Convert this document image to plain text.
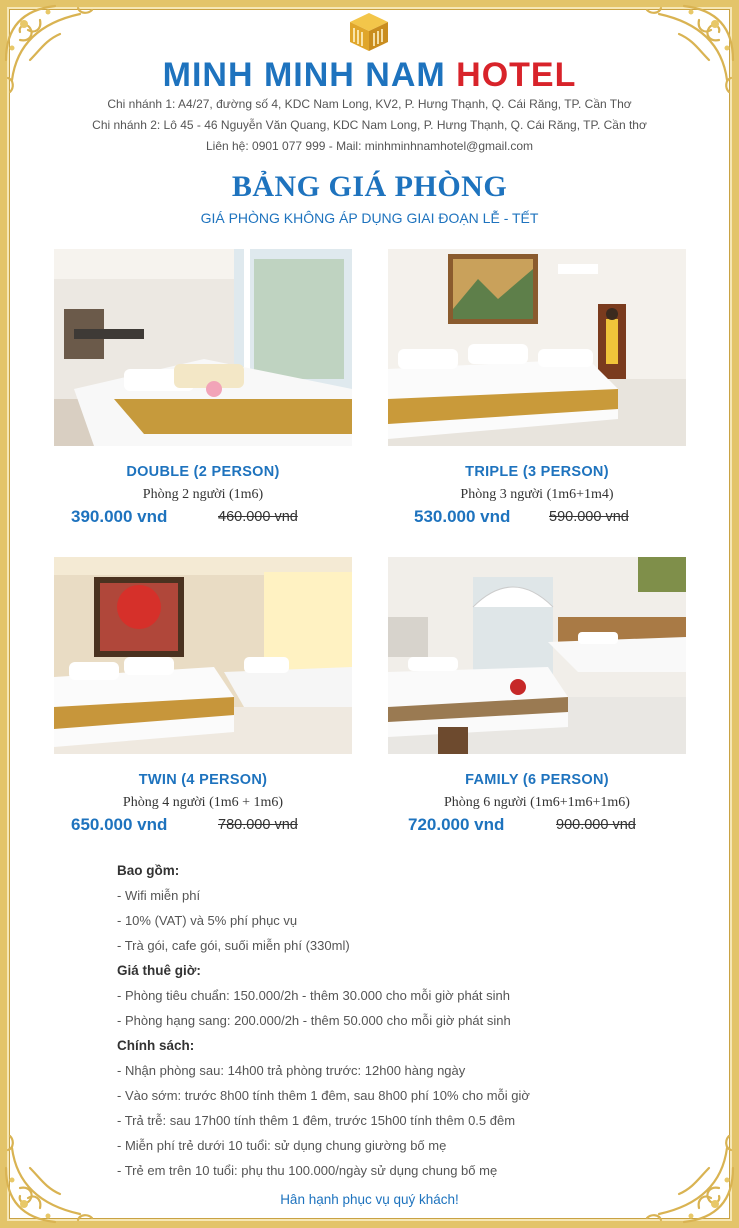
MINH MINH NAM HOTEL
Chi nhánh 1: A4/27, đường số 4, KDC Nam Long, KV2, P. Hưng Thạnh, Q. Cái Răng, TP. Cần Thơ
Chi nhánh 2: Lô 45 - 46 Nguyễn Văn Quang, KDC Nam Long, P. Hưng Thạnh, Q. Cái Răng, TP. Cần thơ
Liên hệ: 0901 077 999 - Mail: minhminhnamhotel@gmail.com
BẢNG GIÁ PHÒNG
GIÁ PHÒNG KHÔNG ÁP DỤNG GIAI ĐOẠN LỄ - TẾT
DOUBLE (2 PERSON)
Phòng 2 người (1m6)
390.000 vnd	460.000 vnd
TRIPLE (3 PERSON)
Phòng 3 người (1m6+1m4)
530.000 vnd	590.000 vnd
TWIN (4 PERSON)
Phòng 4 người (1m6 + 1m6)
650.000 vnd	780.000 vnd
FAMILY (6 PERSON)
Phòng 6 người (1m6+1m6+1m6)
720.000 vnd	900.000 vnd
Bao gồm:
- Wifi miễn phí
- 10% (VAT) và 5% phí phục vụ
- Trà gói, cafe gói, suối miễn phí (330ml)
Giá thuê giờ:
- Phòng tiêu chuẩn: 150.000/2h - thêm 30.000 cho mỗi giờ phát sinh
- Phòng hạng sang: 200.000/2h - thêm 50.000 cho mỗi giờ phát sinh
Chính sách:
- Nhận phòng sau: 14h00 trả phòng trước: 12h00 hàng ngày
- Vào sớm: trước 8h00 tính thêm 1 đêm, sau 8h00 phí 10% cho mỗi giờ
- Trả trễ: sau 17h00 tính thêm 1 đêm, trước 15h00 tính thêm 0.5 đêm
- Miễn phí trẻ dưới 10 tuổi: sử dụng chung giường bố mẹ
- Trẻ em trên 10 tuổi: phụ thu 100.000/ngày sử dụng chung bố mẹ
Hân hạnh phục vụ quý khách!
